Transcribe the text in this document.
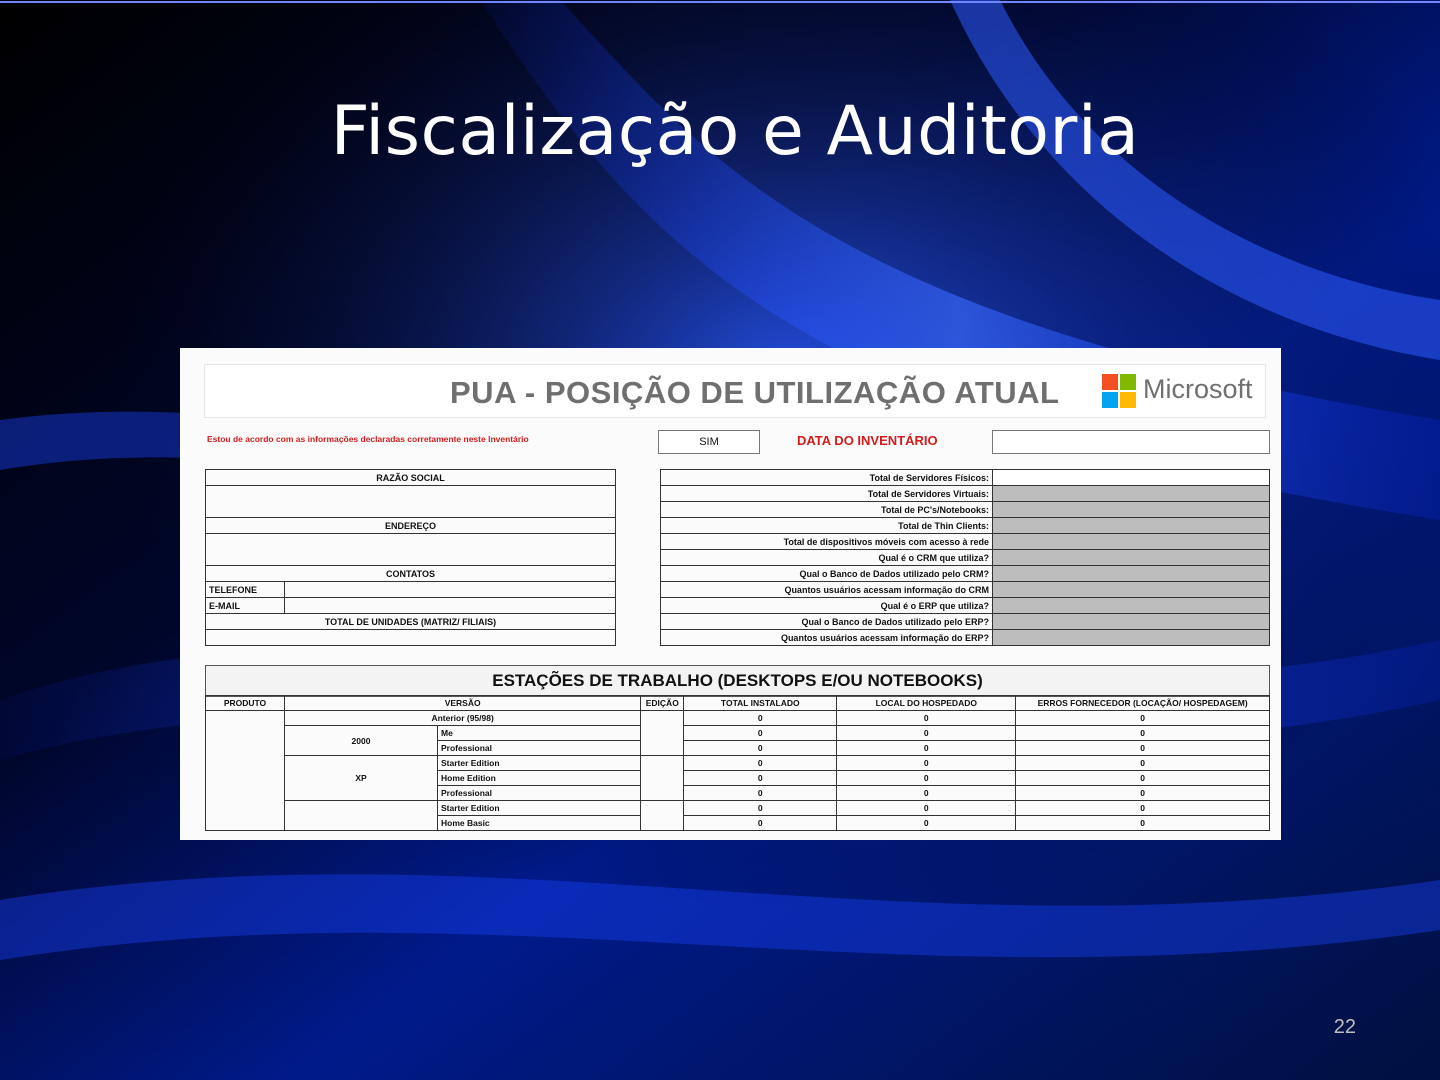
Fiscalização e Auditoria
PUA - POSIÇÃO DE UTILIZAÇÃO ATUAL	Microsoft
Estou de acordo com as informações declaradas corretamente neste Inventário	SIM	DATA DO INVENTÁRIO
RAZÃO SOCIAL	

ENDEREÇO	

CONTATOS	
TELEFONE	
E-MAIL	
TOTAL DE UNIDADES (MATRIZ/ FILIAIS)	

Total de Servidores Físicos:	
Total de Servidores Virtuais:	
Total de PC's/Notebooks:	
Total de Thin Clients:	
Total de dispositivos móveis com acesso à rede	
Qual é o CRM que utiliza?	
Qual o Banco de Dados utilizado pelo CRM?	
Quantos usuários acessam informação do CRM	
Qual é o ERP que utiliza?	
Qual o Banco de Dados utilizado pelo ERP?	
Quantos usuários acessam informação do ERP?	
ESTAÇÕES DE TRABALHO (DESKTOPS E/OU NOTEBOOKS)
PRODUTO	VERSÃO		EDIÇÃO	TOTAL INSTALADO	LOCAL DO HOSPEDADO	ERROS FORNECEDOR (LOCAÇÃO/ HOSPEDAGEM)
	Anterior (95/98)			0	0	0
	2000	Me		0	0	0
		Professional		0	0	0
	XP	Starter Edition		0	0	0
		Home Edition		0	0	0
		Professional		0	0	0
		Starter Edition		0	0	0
		Home Basic		0	0	0
22
